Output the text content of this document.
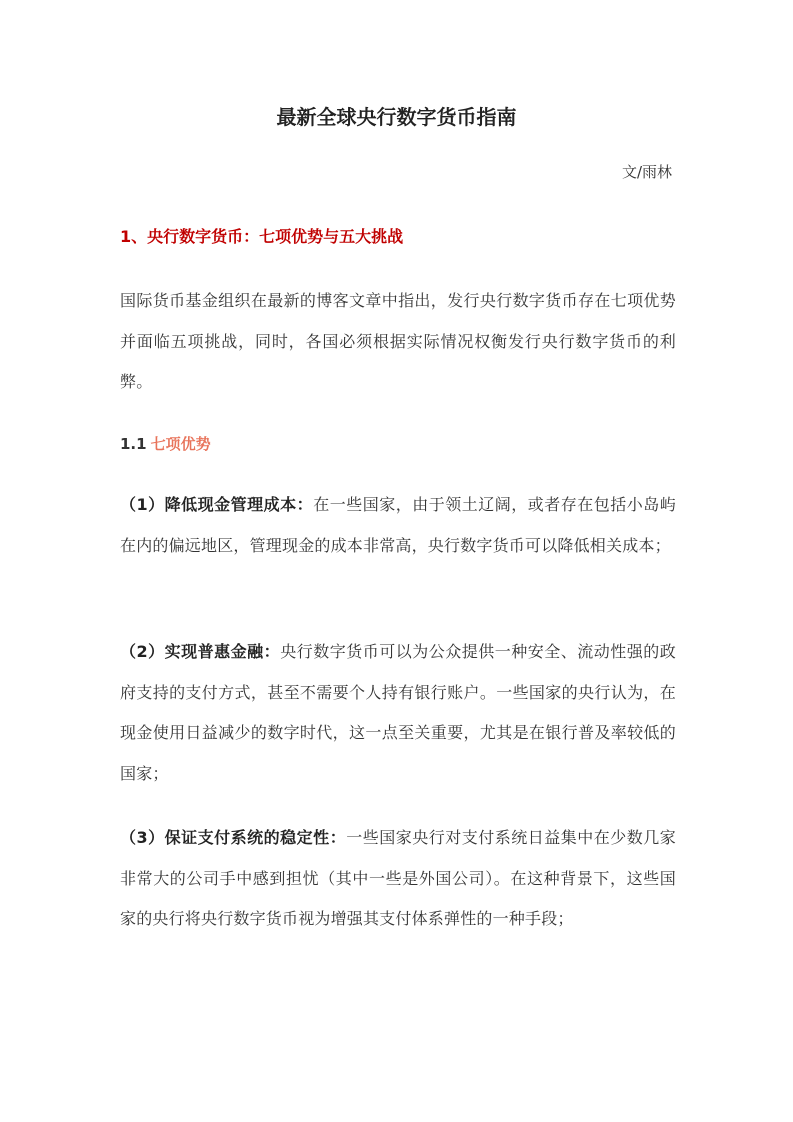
最新全球央行数字货币指南
文/雨林
1、央行数字货币：七项优势与五大挑战

国际货币基金组织在最新的博客文章中指出，发行央行数字货币存在七项优势并面临五项挑战，同时，各国必须根据实际情况权衡发行央行数字货币的利弊。

1.1 七项优势

（1）降低现金管理成本：在一些国家，由于领土辽阔，或者存在包括小岛屿在内的偏远地区，管理现金的成本非常高，央行数字货币可以降低相关成本；

（2）实现普惠金融：央行数字货币可以为公众提供一种安全、流动性强的政府支持的支付方式，甚至不需要个人持有银行账户。一些国家的央行认为，在现金使用日益减少的数字时代，这一点至关重要，尤其是在银行普及率较低的国家；

（3）保证支付系统的稳定性：一些国家央行对支付系统日益集中在少数几家非常大的公司手中感到担忧（其中一些是外国公司）。在这种背景下，这些国家的央行将央行数字货币视为增强其支付体系弹性的一种手段；
